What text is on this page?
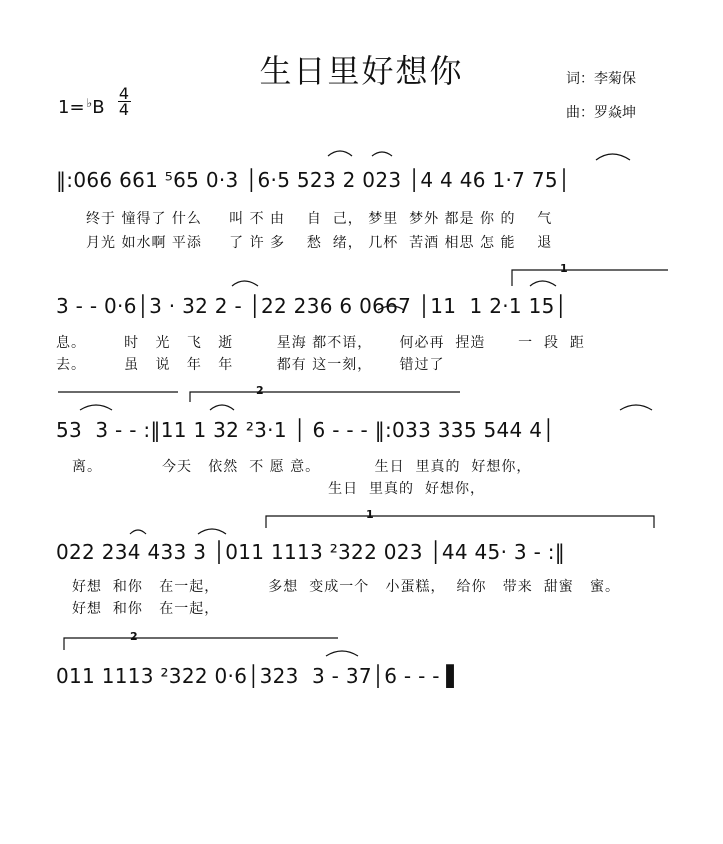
生日里好想你	词：李菊保
曲：罗焱坤
1= ♭B
4
4
‖:066 661 ⁵65 0·3 │6·5 523 2 023 │4 4 46 1·7 75│
终于 憧得了 什么     叫 不 由    自  己， 梦里  梦外 都是 你 的    气
月光 如水啊 平添     了 许 多    愁  绪， 几杯  苦酒 相思 怎 能    退
3 - - 0·6│3 · 32 2 - │22 236 6 0667 │11  1 2·1 15│
息。       时   光   飞   逝        星海 都不语，     何必再  捏造      一  段  距
去。       虽   说   年   年        都有 这一刻，     错过了
53  3 - - :‖11 1 32 ²3·1 │ 6 - - - ‖:033 335 544 4│
离。           今天   依然  不 愿 意。          生日  里真的  好想你，
生日  里真的  好想你，
022 234 433 3 │011 1113 ²322 023 │44 45· 3 - :‖
好想  和你   在一起，         多想  变成一个   小蛋糕，  给你   带来  甜蜜   蜜。
好想  和你   在一起，
011 1113 ²322 0·6│323  3 - 37│6 - - - ▌
1
2
1
2
